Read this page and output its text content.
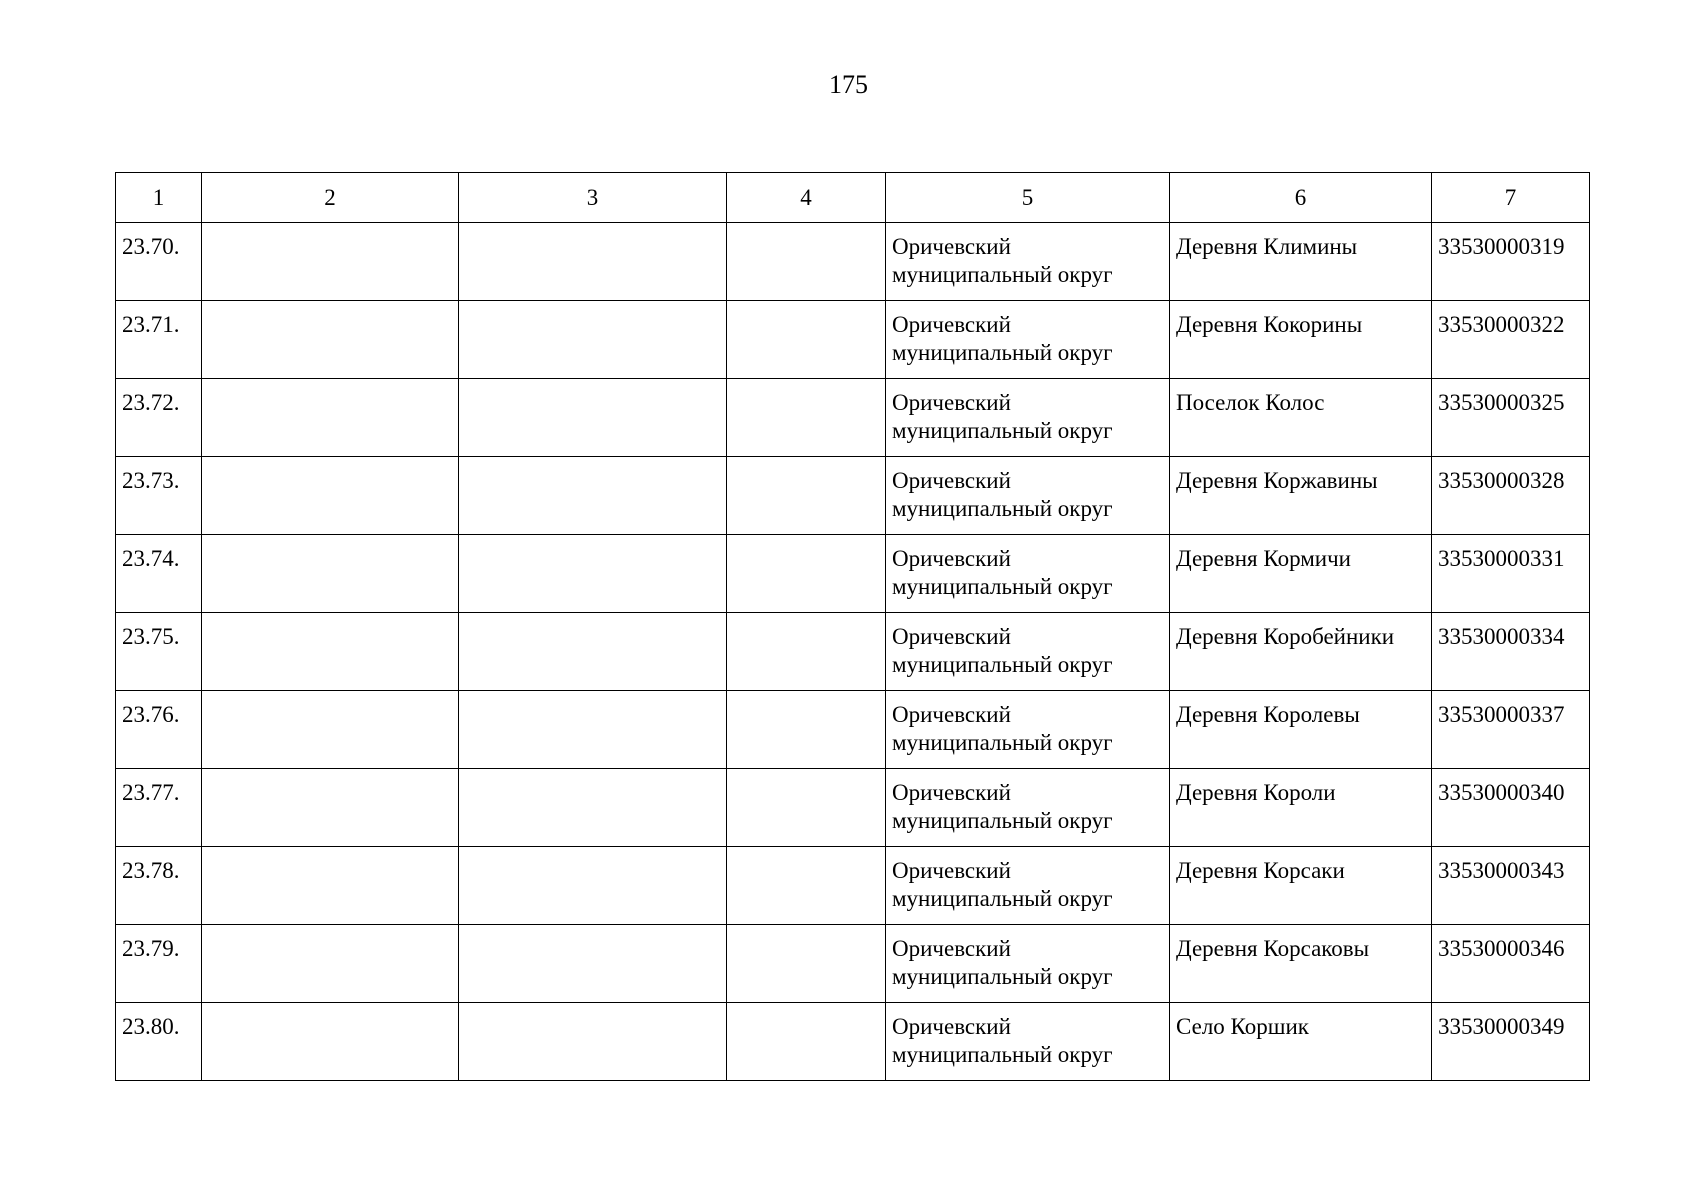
175
1	2	3	4	5	6	7
23.70.				Оричевский муниципальный округ	Деревня Климины	33530000319
23.71.				Оричевский муниципальный округ	Деревня Кокорины	33530000322
23.72.				Оричевский муниципальный округ	Поселок Колос	33530000325
23.73.				Оричевский муниципальный округ	Деревня Коржавины	33530000328
23.74.				Оричевский муниципальный округ	Деревня Кормичи	33530000331
23.75.				Оричевский муниципальный округ	Деревня Коробейники	33530000334
23.76.				Оричевский муниципальный округ	Деревня Королевы	33530000337
23.77.				Оричевский муниципальный округ	Деревня Короли	33530000340
23.78.				Оричевский муниципальный округ	Деревня Корсаки	33530000343
23.79.				Оричевский муниципальный округ	Деревня Корсаковы	33530000346
23.80.				Оричевский муниципальный округ	Село Коршик	33530000349
